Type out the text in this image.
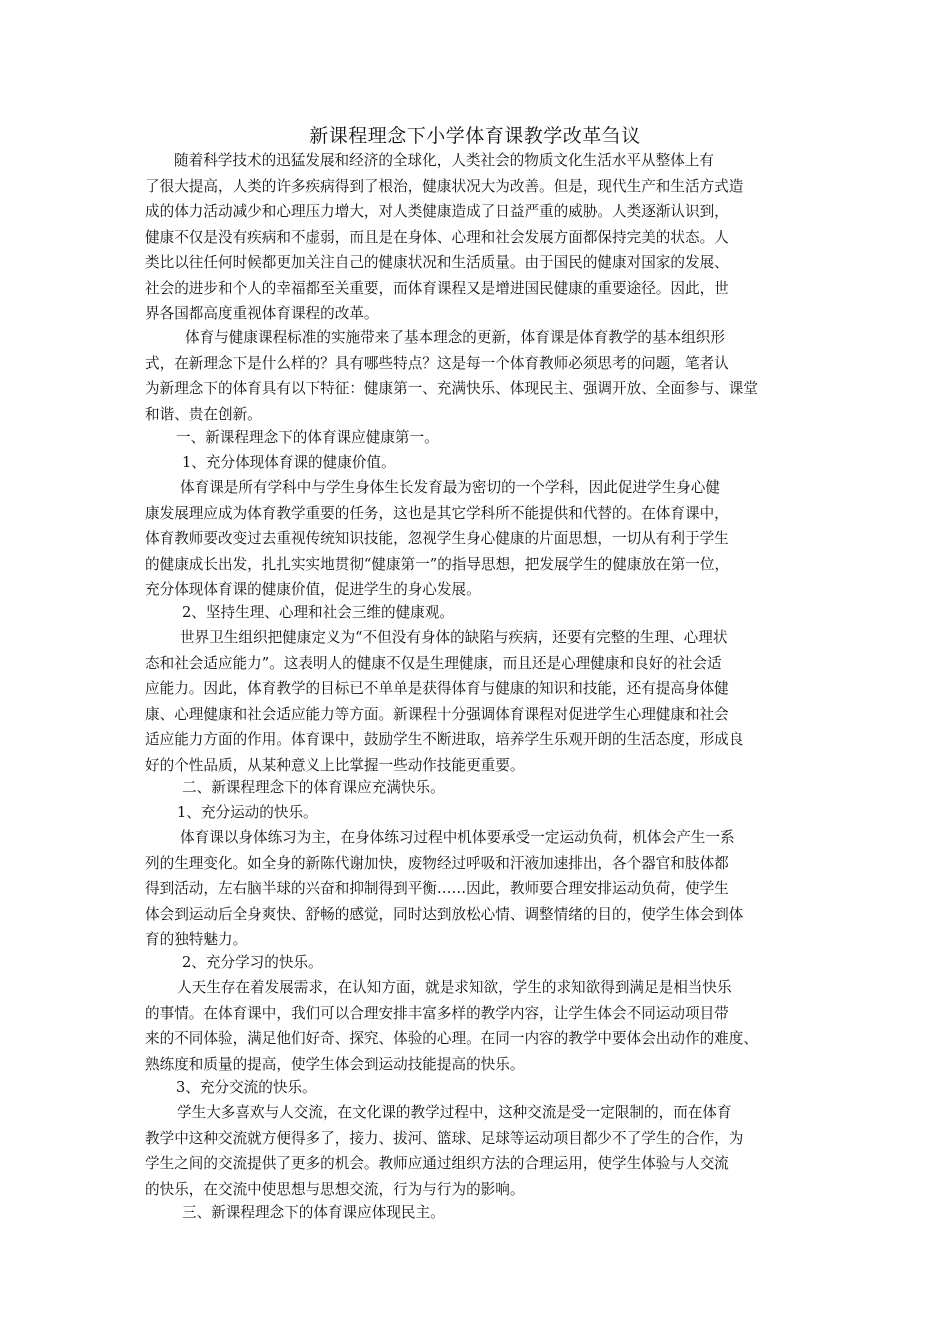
新课程理念下小学体育课教学改革刍议
随着科学技术的迅猛发展和经济的全球化，人类社会的物质文化生活水平从整体上有
了很大提高，人类的许多疾病得到了根治，健康状况大为改善。但是，现代生产和生活方式造
成的体力活动减少和心理压力增大，对人类健康造成了日益严重的威胁。人类逐渐认识到，
健康不仅是没有疾病和不虚弱，而且是在身体、心理和社会发展方面都保持完美的状态。人
类比以往任何时候都更加关注自己的健康状况和生活质量。由于国民的健康对国家的发展、
社会的进步和个人的幸福都至关重要，而体育课程又是增进国民健康的重要途径。因此，世
界各国都高度重视体育课程的改革。
体育与健康课程标准的实施带来了基本理念的更新，体育课是体育教学的基本组织形
式，在新理念下是什么样的？具有哪些特点？这是每一个体育教师必须思考的问题，笔者认
为新理念下的体育具有以下特征：健康第一、充满快乐、体现民主、强调开放、全面参与、课堂
和谐、贵在创新。
一、新课程理念下的体育课应健康第一。
1、充分体现体育课的健康价值。
体育课是所有学科中与学生身体生长发育最为密切的一个学科，因此促进学生身心健
康发展理应成为体育教学重要的任务，这也是其它学科所不能提供和代替的。在体育课中，
体育教师要改变过去重视传统知识技能，忽视学生身心健康的片面思想，一切从有利于学生
的健康成长出发，扎扎实实地贯彻“健康第一”的指导思想，把发展学生的健康放在第一位，
充分体现体育课的健康价值，促进学生的身心发展。
2、坚持生理、心理和社会三维的健康观。
世界卫生组织把健康定义为“不但没有身体的缺陷与疾病，还要有完整的生理、心理状
态和社会适应能力”。这表明人的健康不仅是生理健康，而且还是心理健康和良好的社会适
应能力。因此，体育教学的目标已不单单是获得体育与健康的知识和技能，还有提高身体健
康、心理健康和社会适应能力等方面。新课程十分强调体育课程对促进学生心理健康和社会
适应能力方面的作用。体育课中，鼓励学生不断进取，培养学生乐观开朗的生活态度，形成良
好的个性品质，从某种意义上比掌握一些动作技能更重要。
二、新课程理念下的体育课应充满快乐。
1、充分运动的快乐。
体育课以身体练习为主，在身体练习过程中机体要承受一定运动负荷，机体会产生一系
列的生理变化。如全身的新陈代谢加快，废物经过呼吸和汗液加速排出，各个器官和肢体都
得到活动，左右脑半球的兴奋和抑制得到平衡……因此，教师要合理安排运动负荷，使学生
体会到运动后全身爽快、舒畅的感觉，同时达到放松心情、调整情绪的目的，使学生体会到体
育的独特魅力。
2、充分学习的快乐。
人天生存在着发展需求，在认知方面，就是求知欲，学生的求知欲得到满足是相当快乐
的事情。在体育课中，我们可以合理安排丰富多样的教学内容，让学生体会不同运动项目带
来的不同体验，满足他们好奇、探究、体验的心理。在同一内容的教学中要体会出动作的难度、
熟练度和质量的提高，使学生体会到运动技能提高的快乐。
3、充分交流的快乐。
学生大多喜欢与人交流，在文化课的教学过程中，这种交流是受一定限制的，而在体育
教学中这种交流就方便得多了，接力、拔河、篮球、足球等运动项目都少不了学生的合作，为
学生之间的交流提供了更多的机会。教师应通过组织方法的合理运用，使学生体验与人交流
的快乐，在交流中使思想与思想交流，行为与行为的影响。
三、新课程理念下的体育课应体现民主。
